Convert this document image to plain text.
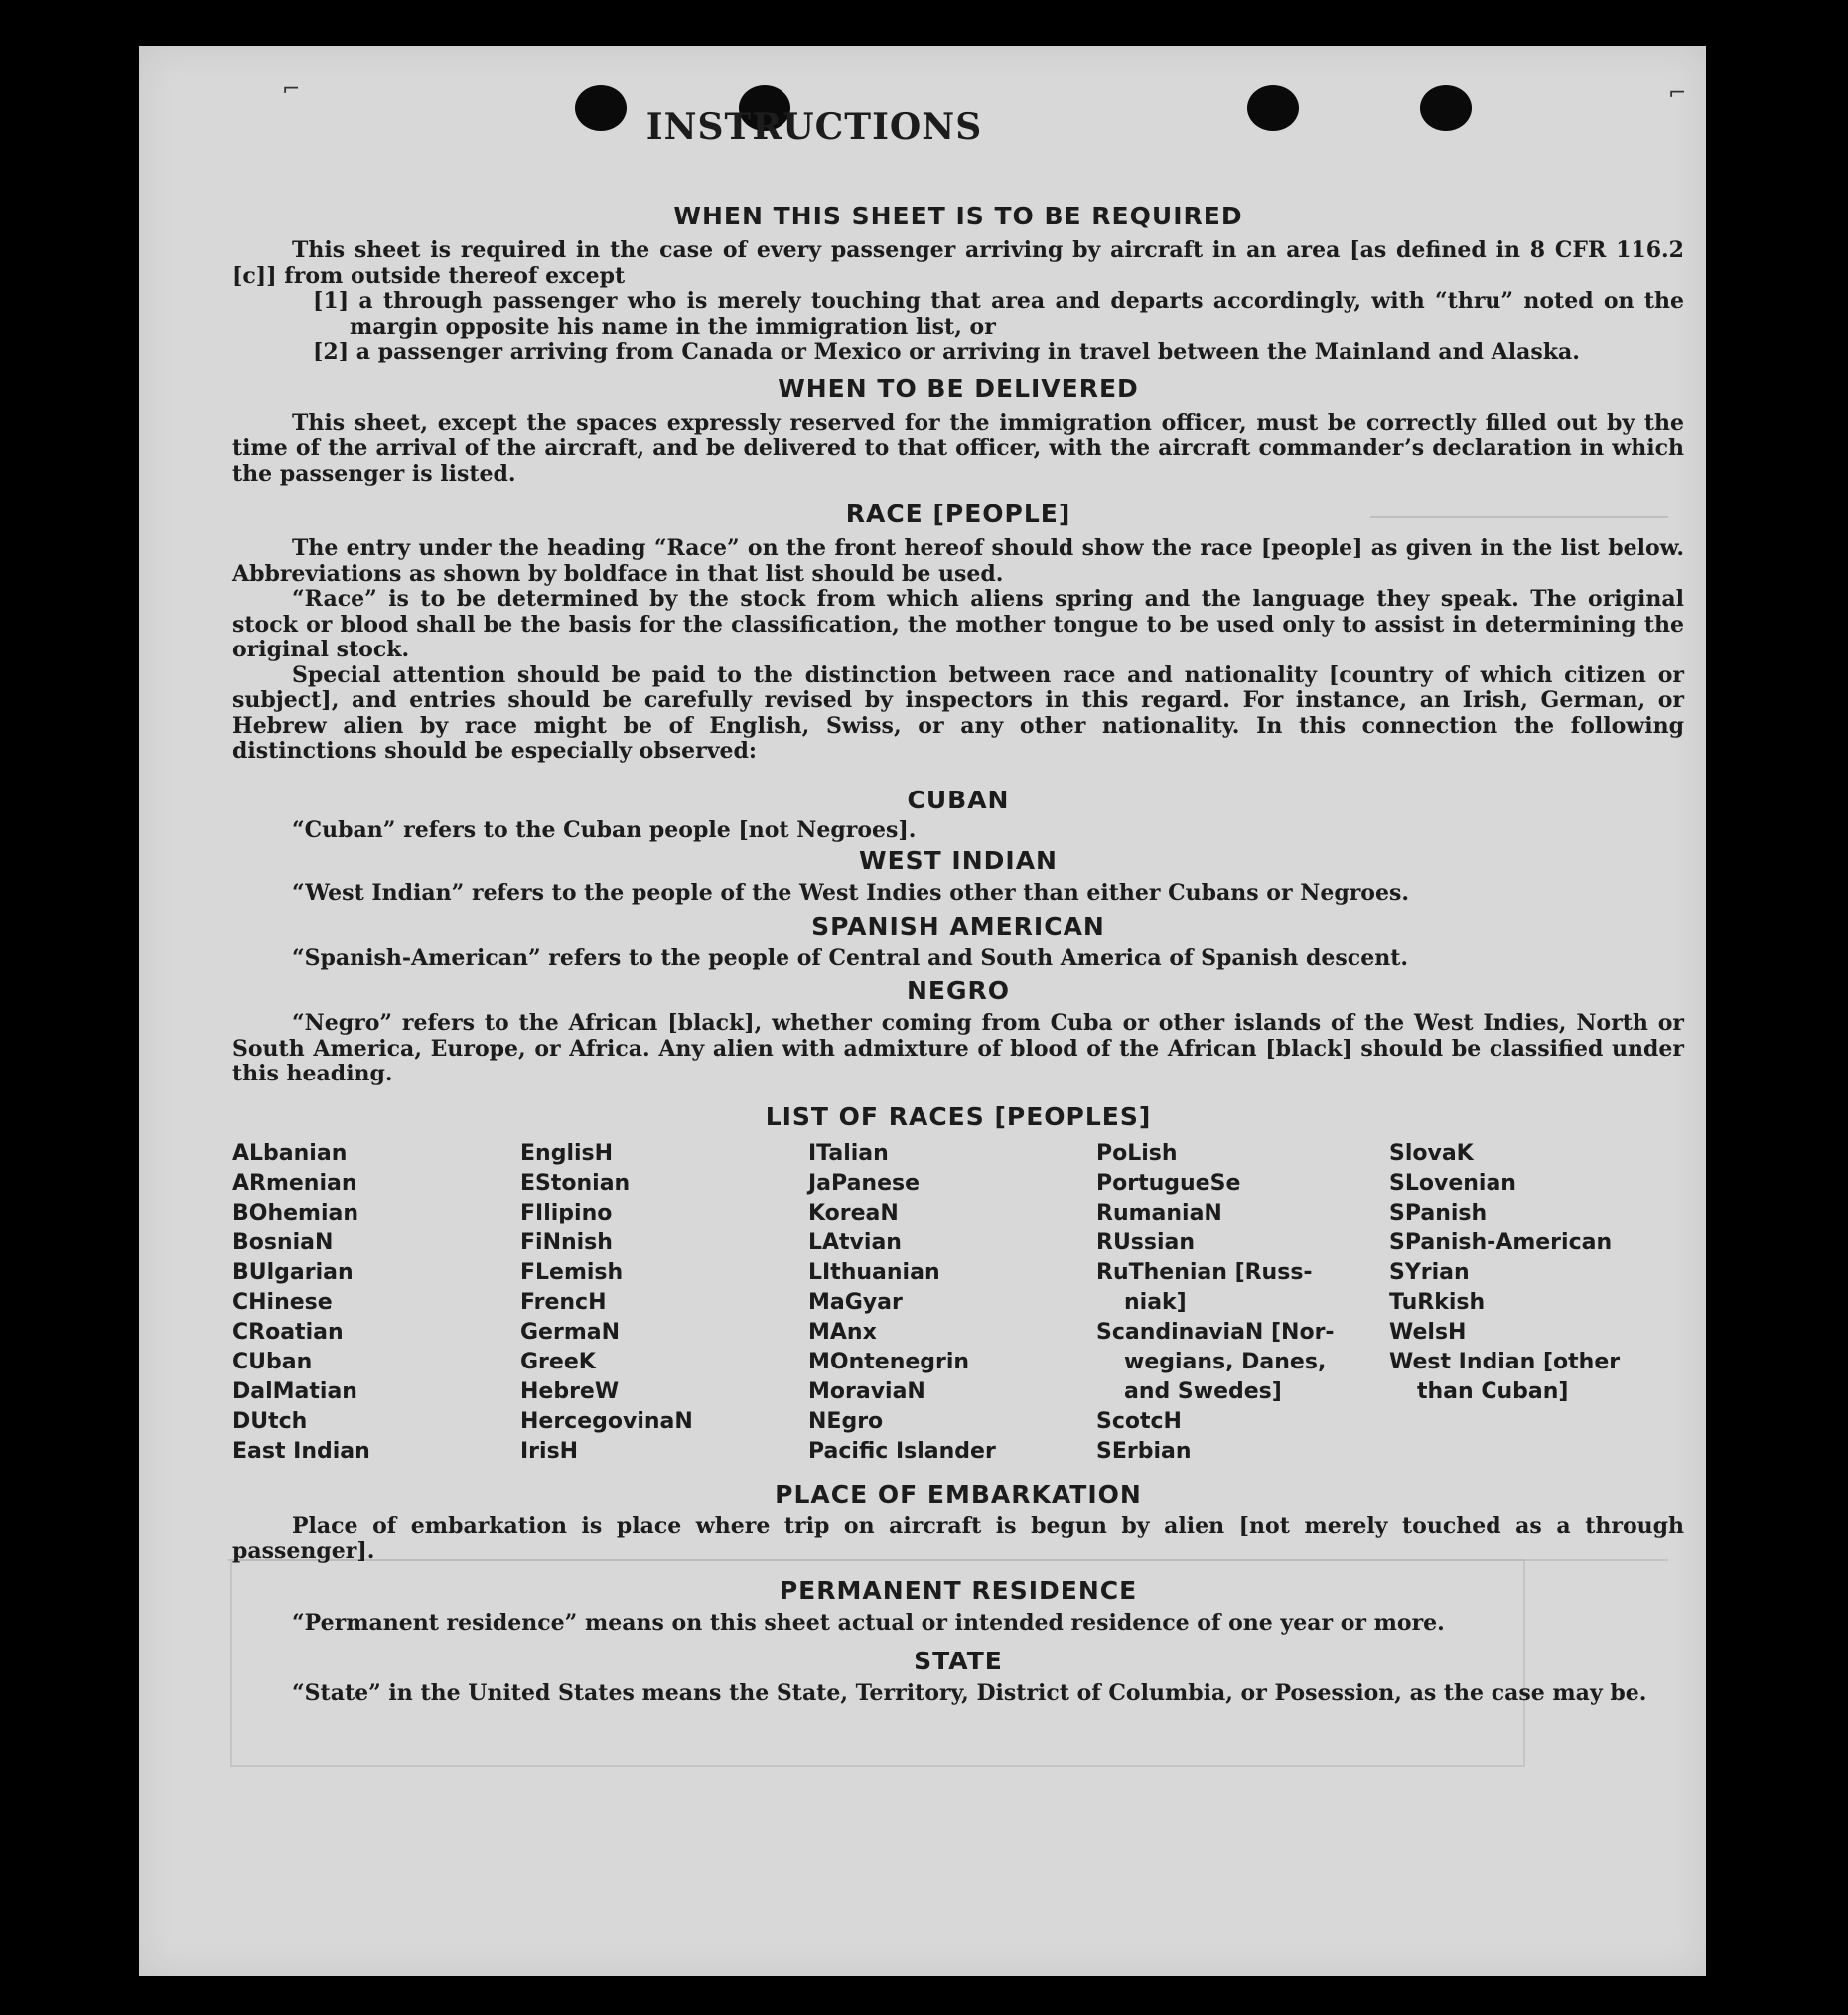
⌐	⌐
INSTRUCTIONS
WHEN THIS SHEET IS TO BE REQUIRED

This sheet is required in the case of every passenger arriving by aircraft in an area [as defined in 8 CFR 116.2 [c]] from outside thereof except

[1] a through passenger who is merely touching that area and departs accordingly, with “thru” noted on the margin opposite his name in the immigration list, or

[2] a passenger arriving from Canada or Mexico or arriving in travel between the Mainland and Alaska.

WHEN TO BE DELIVERED

This sheet, except the spaces expressly reserved for the immigration officer, must be correctly filled out by the time of the arrival of the aircraft, and be delivered to that officer, with the aircraft commander’s declaration in which the passenger is listed.

RACE [PEOPLE]

The entry under the heading “Race” on the front hereof should show the race [people] as given in the list below. Abbreviations as shown by boldface in that list should be used.

“Race” is to be determined by the stock from which aliens spring and the language they speak. The original stock or blood shall be the basis for the classification, the mother tongue to be used only to assist in determining the original stock.

Special attention should be paid to the distinction between race and nationality [country of which citizen or subject], and entries should be carefully revised by inspectors in this regard. For instance, an Irish, German, or Hebrew alien by race might be of English, Swiss, or any other nationality. In this connection the following distinctions should be especially observed:

CUBAN

“Cuban” refers to the Cuban people [not Negroes].

WEST INDIAN

“West Indian” refers to the people of the West Indies other than either Cubans or Negroes.

SPANISH AMERICAN

“Spanish-American” refers to the people of Central and South America of Spanish descent.

NEGRO

“Negro” refers to the African [black], whether coming from Cuba or other islands of the West Indies, North or South America, Europe, or Africa. Any alien with admixture of blood of the African [black] should be classified under this heading.

LIST OF RACES [PEOPLES]
ALbanian
ARmenian
BOhemian
BosniaN
BUlgarian
CHinese
CRoatian
CUban
DalMatian
DUtch
East Indian
EnglisH
EStonian
FIlipino
FiNnish
FLemish
FrencH
GermaN
GreeK
HebreW
HercegovinaN
IrisH
ITalian
JaPanese
KoreaN
LAtvian
LIthuanian
MaGyar
MAnx
MOntenegrin
MoraviaN
NEgro
Pacific Islander
PoLish
PortugueSe
RumaniaN
RUssian
RuThenian [Russ-
niak]
ScandinaviaN [Nor-
wegians, Danes,
and Swedes]
ScotcH
SErbian
SlovaK
SLovenian
SPanish
SPanish-American
SYrian
TuRkish
WelsH
West Indian [other
than Cuban]
PLACE OF EMBARKATION

Place of embarkation is place where trip on aircraft is begun by alien [not merely touched as a through passenger].

PERMANENT RESIDENCE

“Permanent residence” means on this sheet actual or intended residence of one year or more.

STATE

“State” in the United States means the State, Territory, District of Columbia, or Posession, as the case may be.
